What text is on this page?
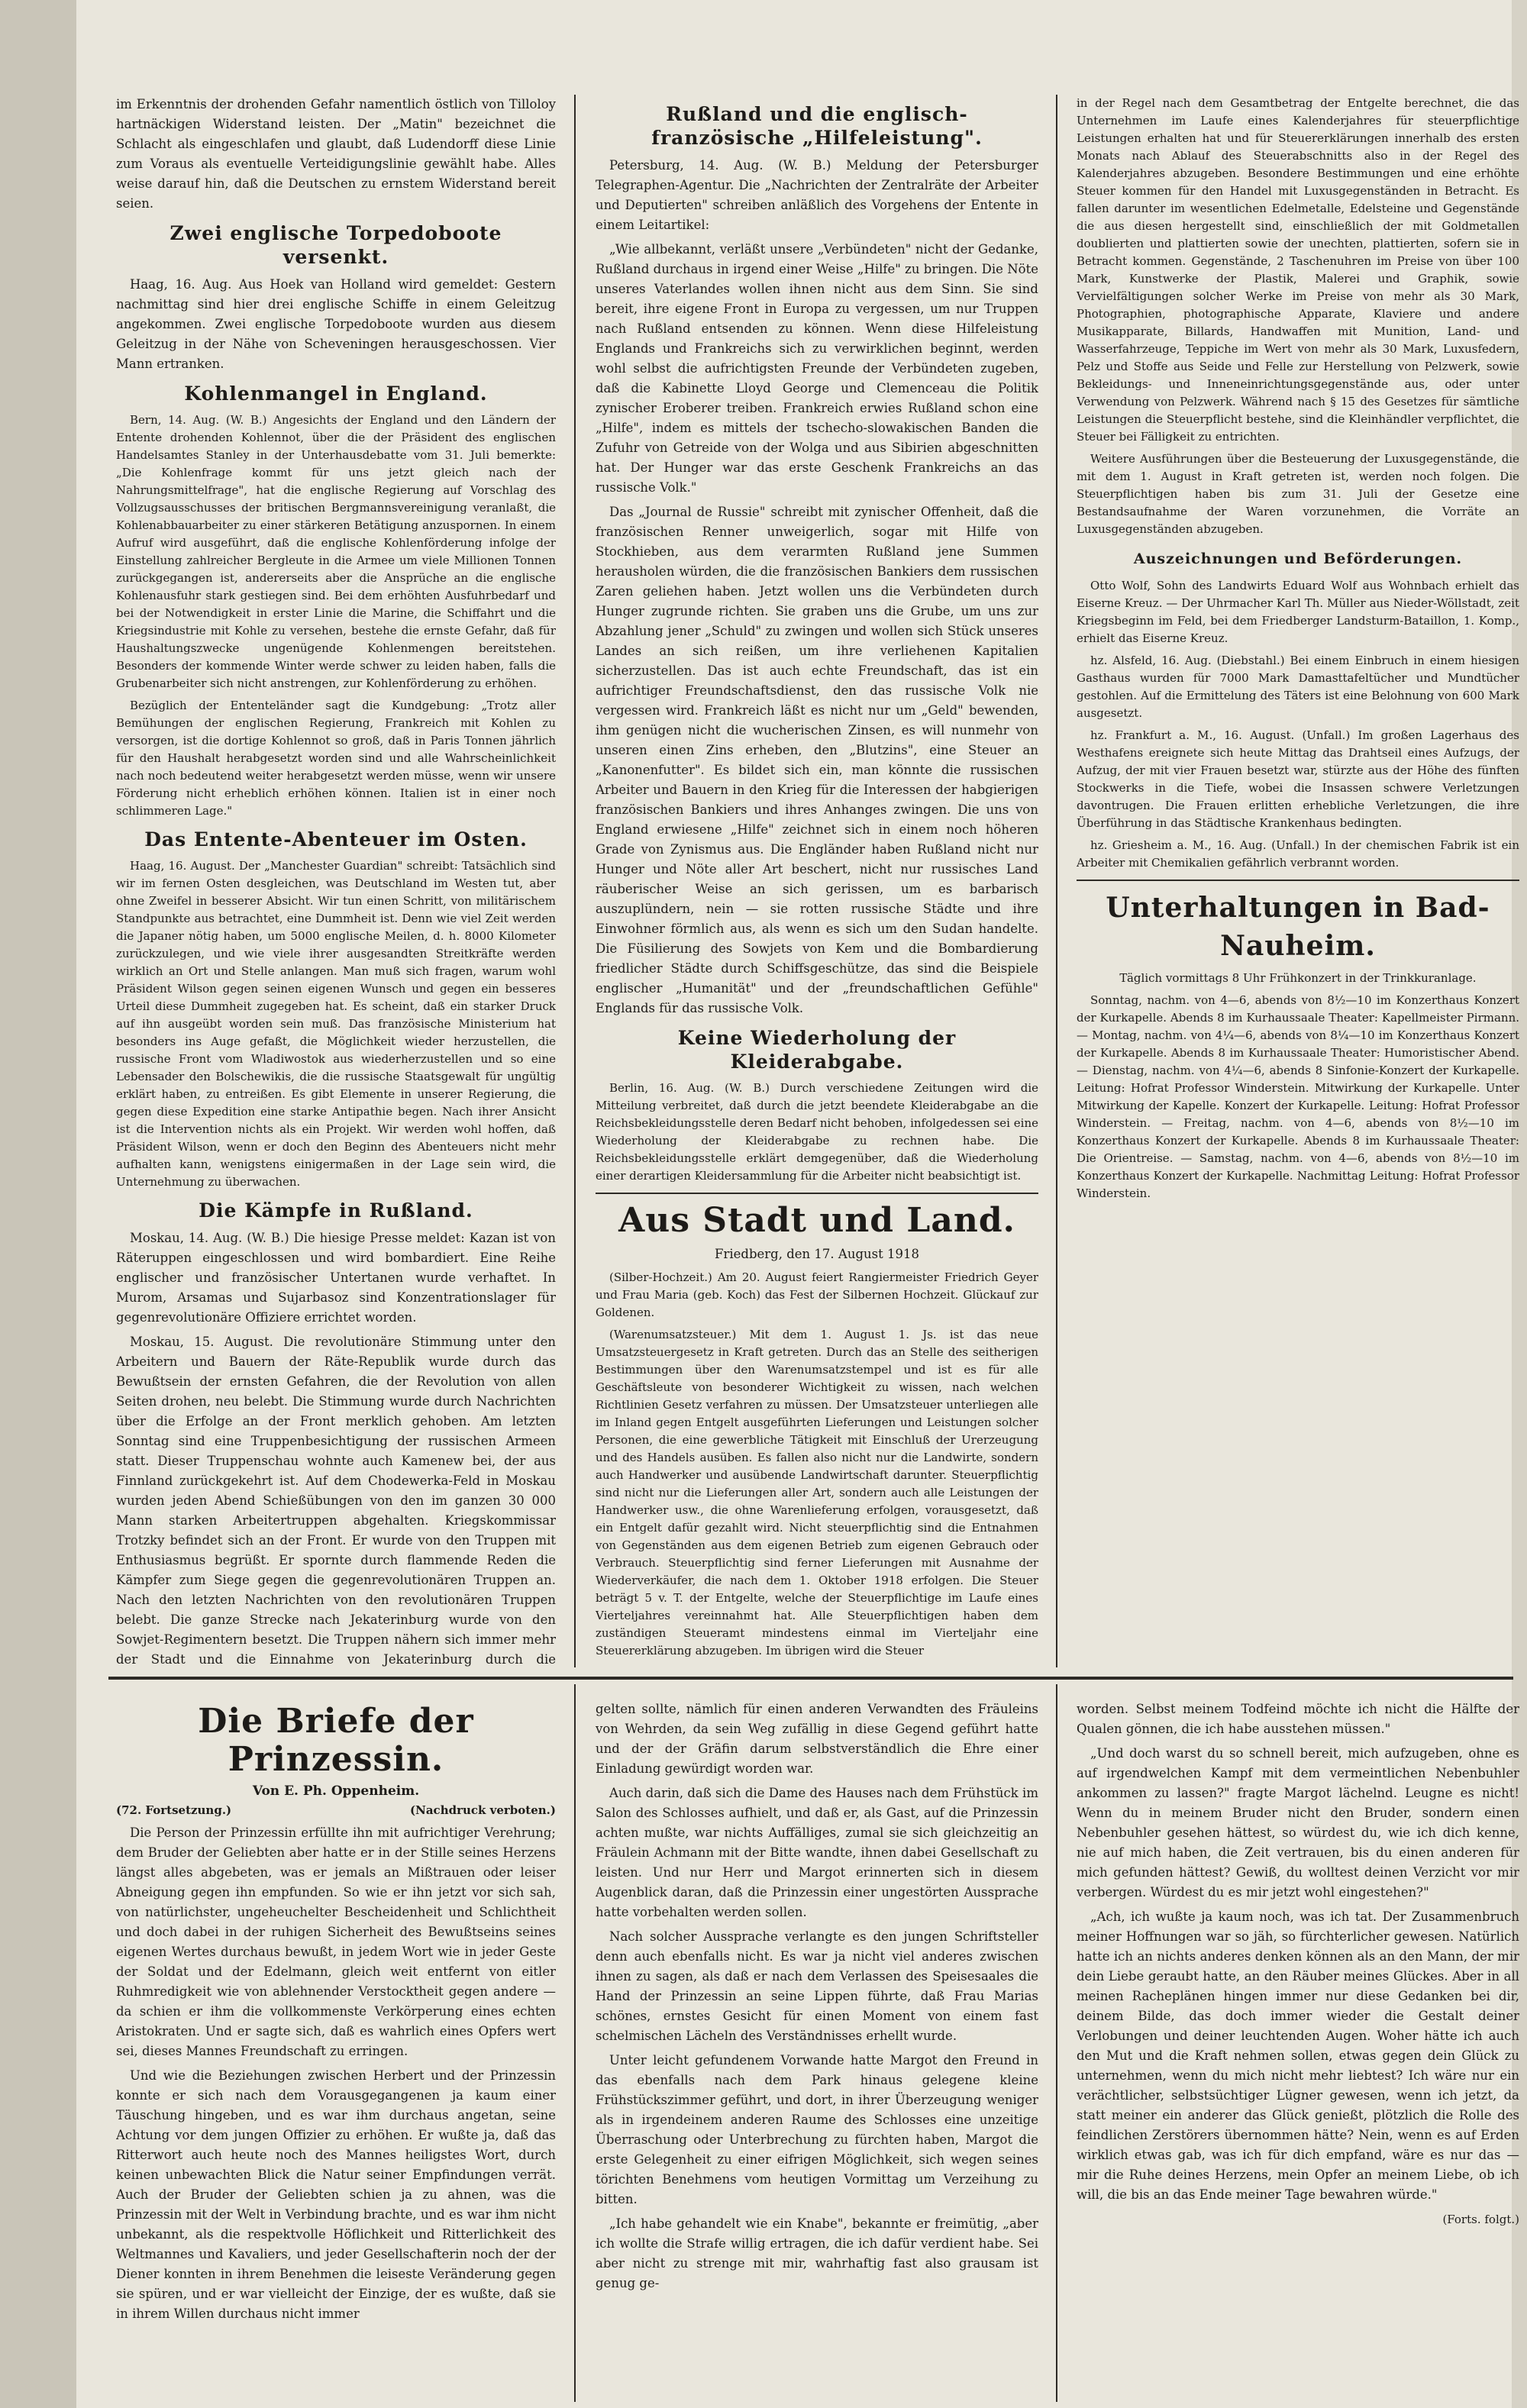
im Erkenntnis der drohenden Gefahr namentlich östlich von Tilloloy hartnäckigen Widerstand leisten. Der „Matin" bezeichnet die Schlacht als eingeschlafen und glaubt, daß Ludendorff diese Linie zum Voraus als eventuelle Verteidigungslinie gewählt habe. Alles weise darauf hin, daß die Deutschen zu ernstem Widerstand bereit seien.

Zwei englische Torpedoboote versenkt.

Haag, 16. Aug. Aus Hoek van Holland wird gemeldet: Gestern nachmittag sind hier drei englische Schiffe in einem Geleitzug angekommen. Zwei englische Torpedoboote wurden aus diesem Geleitzug in der Nähe von Scheveningen herausgeschossen. Vier Mann ertranken.

Kohlenmangel in England.

Bern, 14. Aug. (W. B.) Angesichts der England und den Ländern der Entente drohenden Kohlennot, über die der Präsident des englischen Handelsamtes Stanley in der Unterhausdebatte vom 31. Juli bemerkte: „Die Kohlenfrage kommt für uns jetzt gleich nach der Nahrungsmittelfrage", hat die englische Regierung auf Vorschlag des Vollzugsausschusses der britischen Bergmannsvereinigung veranlaßt, die Kohlenabbauarbeiter zu einer stärkeren Betätigung anzuspornen. In einem Aufruf wird ausgeführt, daß die englische Kohlenförderung infolge der Einstellung zahlreicher Bergleute in die Armee um viele Millionen Tonnen zurückgegangen ist, andererseits aber die Ansprüche an die englische Kohlenausfuhr stark gestiegen sind. Bei dem erhöhten Ausfuhrbedarf und bei der Notwendigkeit in erster Linie die Marine, die Schiffahrt und die Kriegsindustrie mit Kohle zu versehen, bestehe die ernste Gefahr, daß für Haushaltungszwecke ungenügende Kohlenmengen bereitstehen. Besonders der kommende Winter werde schwer zu leiden haben, falls die Grubenarbeiter sich nicht anstrengen, zur Kohlenförderung zu erhöhen.

Bezüglich der Ententeländer sagt die Kundgebung: „Trotz aller Bemühungen der englischen Regierung, Frankreich mit Kohlen zu versorgen, ist die dortige Kohlennot so groß, daß in Paris Tonnen jährlich für den Haushalt herabgesetzt worden sind und alle Wahrscheinlichkeit nach noch bedeutend weiter herabgesetzt werden müsse, wenn wir unsere Förderung nicht erheblich erhöhen können. Italien ist in einer noch schlimmeren Lage."

Das Entente-Abenteuer im Osten.

Haag, 16. August. Der „Manchester Guardian" schreibt: Tatsächlich sind wir im fernen Osten desgleichen, was Deutschland im Westen tut, aber ohne Zweifel in besserer Absicht. Wir tun einen Schritt, von militärischem Standpunkte aus betrachtet, eine Dummheit ist. Denn wie viel Zeit werden die Japaner nötig haben, um 5000 englische Meilen, d. h. 8000 Kilometer zurückzulegen, und wie viele ihrer ausgesandten Streitkräfte werden wirklich an Ort und Stelle anlangen. Man muß sich fragen, warum wohl Präsident Wilson gegen seinen eigenen Wunsch und gegen ein besseres Urteil diese Dummheit zugegeben hat. Es scheint, daß ein starker Druck auf ihn ausgeübt worden sein muß. Das französische Ministerium hat besonders ins Auge gefaßt, die Möglichkeit wieder herzustellen, die russische Front vom Wladiwostok aus wiederherzustellen und so eine Lebensader den Bolschewikis, die die russische Staatsgewalt für ungültig erklärt haben, zu entreißen. Es gibt Elemente in unserer Regierung, die gegen diese Expedition eine starke Antipathie begen. Nach ihrer Ansicht ist die Intervention nichts als ein Projekt. Wir werden wohl hoffen, daß Präsident Wilson, wenn er doch den Beginn des Abenteuers nicht mehr aufhalten kann, wenigstens einigermaßen in der Lage sein wird, die Unternehmung zu überwachen.

Die Kämpfe in Rußland.

Moskau, 14. Aug. (W. B.) Die hiesige Presse meldet: Kazan ist von Räteruppen eingeschlossen und wird bombardiert. Eine Reihe englischer und französischer Untertanen wurde verhaftet. In Murom, Arsamas und Sujarbasoz sind Konzentrationslager für gegenrevolutionäre Offiziere errichtet worden.

Moskau, 15. August. Die revolutionäre Stimmung unter den Arbeitern und Bauern der Räte-Republik wurde durch das Bewußtsein der ernsten Gefahren, die der Revolution von allen Seiten drohen, neu belebt. Die Stimmung wurde durch Nachrichten über die Erfolge an der Front merklich gehoben. Am letzten Sonntag sind eine Truppenbesichtigung der russischen Armeen statt. Dieser Truppenschau wohnte auch Kamenew bei, der aus Finnland zurückgekehrt ist. Auf dem Chodewerka-Feld in Moskau wurden jeden Abend Schießübungen von den im ganzen 30 000 Mann starken Arbeitertruppen abgehalten. Kriegskommissar Trotzky befindet sich an der Front. Er wurde von den Truppen mit Enthusiasmus begrüßt. Er spornte durch flammende Reden die Kämpfer zum Siege gegen die gegenrevolutionären Truppen an. Nach den letzten Nachrichten von den revolutionären Truppen belebt. Die ganze Strecke nach Jekaterinburg wurde von den Sowjet-Regimentern besetzt. Die Truppen nähern sich immer mehr der Stadt und die Einnahme von Jekaterinburg durch die

Rußland und die englisch-französische „Hilfeleistung".

Petersburg, 14. Aug. (W. B.) Meldung der Petersburger Telegraphen-Agentur. Die „Nachrichten der Zentralräte der Arbeiter und Deputierten" schreiben anläßlich des Vorgehens der Entente in einem Leitartikel:

„Wie allbekannt, verläßt unsere „Verbündeten" nicht der Gedanke, Rußland durchaus in irgend einer Weise „Hilfe" zu bringen. Die Nöte unseres Vaterlandes wollen ihnen nicht aus dem Sinn. Sie sind bereit, ihre eigene Front in Europa zu vergessen, um nur Truppen nach Rußland entsenden zu können. Wenn diese Hilfeleistung Englands und Frankreichs sich zu verwirklichen beginnt, werden wohl selbst die aufrichtigsten Freunde der Verbündeten zugeben, daß die Kabinette Lloyd George und Clemenceau die Politik zynischer Eroberer treiben. Frankreich erwies Rußland schon eine „Hilfe", indem es mittels der tschecho-slowakischen Banden die Zufuhr von Getreide von der Wolga und aus Sibirien abgeschnitten hat. Der Hunger war das erste Geschenk Frankreichs an das russische Volk."

Das „Journal de Russie" schreibt mit zynischer Offenheit, daß die französischen Renner unweigerlich, sogar mit Hilfe von Stockhieben, aus dem verarmten Rußland jene Summen herausholen würden, die die französischen Bankiers dem russischen Zaren geliehen haben. Jetzt wollen uns die Verbündeten durch Hunger zugrunde richten. Sie graben uns die Grube, um uns zur Abzahlung jener „Schuld" zu zwingen und wollen sich Stück unseres Landes an sich reißen, um ihre verliehenen Kapitalien sicherzustellen. Das ist auch echte Freundschaft, das ist ein aufrichtiger Freundschaftsdienst, den das russische Volk nie vergessen wird. Frankreich läßt es nicht nur um „Geld" bewenden, ihm genügen nicht die wucherischen Zinsen, es will nunmehr von unseren einen Zins erheben, den „Blutzins", eine Steuer an „Kanonenfutter". Es bildet sich ein, man könnte die russischen Arbeiter und Bauern in den Krieg für die Interessen der habgierigen französischen Bankiers und ihres Anhanges zwingen. Die uns von England erwiesene „Hilfe" zeichnet sich in einem noch höheren Grade von Zynismus aus. Die Engländer haben Rußland nicht nur Hunger und Nöte aller Art beschert, nicht nur russisches Land räuberischer Weise an sich gerissen, um es barbarisch auszuplündern, nein — sie rotten russische Städte und ihre Einwohner förmlich aus, als wenn es sich um den Sudan handelte. Die Füsilierung des Sowjets von Kem und die Bombardierung friedlicher Städte durch Schiffsgeschütze, das sind die Beispiele englischer „Humanität" und der „freundschaftlichen Gefühle" Englands für das russische Volk.

Keine Wiederholung der Kleiderabgabe.

Berlin, 16. Aug. (W. B.) Durch verschiedene Zeitungen wird die Mitteilung verbreitet, daß durch die jetzt beendete Kleiderabgabe an die Reichsbekleidungsstelle deren Bedarf nicht behoben, infolgedessen sei eine Wiederholung der Kleiderabgabe zu rechnen habe. Die Reichsbekleidungsstelle erklärt demgegenüber, daß die Wiederholung einer derartigen Kleidersammlung für die Arbeiter nicht beabsichtigt ist.

Aus Stadt und Land.

Friedberg, den 17. August 1918

(Silber-Hochzeit.) Am 20. August feiert Rangiermeister Friedrich Geyer und Frau Maria (geb. Koch) das Fest der Silbernen Hochzeit. Glückauf zur Goldenen.

(Warenumsatzsteuer.) Mit dem 1. August 1. Js. ist das neue Umsatzsteuergesetz in Kraft getreten. Durch das an Stelle des seitherigen Bestimmungen über den Warenumsatzstempel und ist es für alle Geschäftsleute von besonderer Wichtigkeit zu wissen, nach welchen Richtlinien Gesetz verfahren zu müssen. Der Umsatzsteuer unterliegen alle im Inland gegen Entgelt ausgeführten Lieferungen und Leistungen solcher Personen, die eine gewerbliche Tätigkeit mit Einschluß der Urerzeugung und des Handels ausüben. Es fallen also nicht nur die Landwirte, sondern auch Handwerker und ausübende Landwirtschaft darunter. Steuerpflichtig sind nicht nur die Lieferungen aller Art, sondern auch alle Leistungen der Handwerker usw., die ohne Warenlieferung erfolgen, vorausgesetzt, daß ein Entgelt dafür gezahlt wird. Nicht steuerpflichtig sind die Entnahmen von Gegenständen aus dem eigenen Betrieb zum eigenen Gebrauch oder Verbrauch. Steuerpflichtig sind ferner Lieferungen mit Ausnahme der Wiederverkäufer, die nach dem 1. Oktober 1918 erfolgen. Die Steuer beträgt 5 v. T. der Entgelte, welche der Steuerpflichtige im Laufe eines Vierteljahres vereinnahmt hat. Alle Steuerpflichtigen haben dem zuständigen Steueramt mindestens einmal im Vierteljahr eine Steuererklärung abzugeben. Im übrigen wird die Steuer

in der Regel nach dem Gesamtbetrag der Entgelte berechnet, die das Unternehmen im Laufe eines Kalenderjahres für steuerpflichtige Leistungen erhalten hat und für Steuererklärungen innerhalb des ersten Monats nach Ablauf des Steuerabschnitts also in der Regel des Kalenderjahres abzugeben. Besondere Bestimmungen und eine erhöhte Steuer kommen für den Handel mit Luxusgegenständen in Betracht. Es fallen darunter im wesentlichen Edelmetalle, Edelsteine und Gegenstände die aus diesen hergestellt sind, einschließlich der mit Goldmetallen doublierten und plattierten sowie der unechten, plattierten, sofern sie in Betracht kommen. Gegenstände, 2 Taschenuhren im Preise von über 100 Mark, Kunstwerke der Plastik, Malerei und Graphik, sowie Vervielfältigungen solcher Werke im Preise von mehr als 30 Mark, Photographien, photographische Apparate, Klaviere und andere Musikapparate, Billards, Handwaffen mit Munition, Land- und Wasserfahrzeuge, Teppiche im Wert von mehr als 30 Mark, Luxusfedern, Pelz und Stoffe aus Seide und Felle zur Herstellung von Pelzwerk, sowie Bekleidungs- und Inneneinrichtungsgegenstände aus, oder unter Verwendung von Pelzwerk. Während nach § 15 des Gesetzes für sämtliche Leistungen die Steuerpflicht bestehe, sind die Kleinhändler verpflichtet, die Steuer bei Fälligkeit zu entrichten.

Weitere Ausführungen über die Besteuerung der Luxusgegenstände, die mit dem 1. August in Kraft getreten ist, werden noch folgen. Die Steuerpflichtigen haben bis zum 31. Juli der Gesetze eine Bestandsaufnahme der Waren vorzunehmen, die Vorräte an Luxusgegenständen abzugeben.

Auszeichnungen und Beförderungen.

Otto Wolf, Sohn des Landwirts Eduard Wolf aus Wohnbach erhielt das Eiserne Kreuz. — Der Uhrmacher Karl Th. Müller aus Nieder-Wöllstadt, zeit Kriegsbeginn im Feld, bei dem Friedberger Landsturm-Bataillon, 1. Komp., erhielt das Eiserne Kreuz.

hz. Alsfeld, 16. Aug. (Diebstahl.) Bei einem Einbruch in einem hiesigen Gasthaus wurden für 7000 Mark Damasttafeltücher und Mundtücher gestohlen. Auf die Ermittelung des Täters ist eine Belohnung von 600 Mark ausgesetzt.

hz. Frankfurt a. M., 16. August. (Unfall.) Im großen Lagerhaus des Westhafens ereignete sich heute Mittag das Drahtseil eines Aufzugs, der Aufzug, der mit vier Frauen besetzt war, stürzte aus der Höhe des fünften Stockwerks in die Tiefe, wobei die Insassen schwere Verletzungen davontrugen. Die Frauen erlitten erhebliche Verletzungen, die ihre Überführung in das Städtische Krankenhaus bedingten.

hz. Griesheim a. M., 16. Aug. (Unfall.) In der chemischen Fabrik ist ein Arbeiter mit Chemikalien gefährlich verbrannt worden.

Unterhaltungen in Bad-Nauheim.

Täglich vormittags 8 Uhr Frühkonzert in der Trinkkuranlage.

Sonntag, nachm. von 4—6, abends von 8½—10 im Konzerthaus Konzert der Kurkapelle. Abends 8 im Kurhaussaale Theater: Kapellmeister Pirmann. — Montag, nachm. von 4¼—6, abends von 8¼—10 im Konzerthaus Konzert der Kurkapelle. Abends 8 im Kurhaussaale Theater: Humoristischer Abend. — Dienstag, nachm. von 4¼—6, abends 8 Sinfonie-Konzert der Kurkapelle. Leitung: Hofrat Professor Winderstein. Mitwirkung der Kurkapelle. Unter Mitwirkung der Kapelle. Konzert der Kurkapelle. Leitung: Hofrat Professor Winderstein. — Freitag, nachm. von 4—6, abends von 8½—10 im Konzerthaus Konzert der Kurkapelle. Abends 8 im Kurhaussaale Theater: Die Orientreise. — Samstag, nachm. von 4—6, abends von 8½—10 im Konzerthaus Konzert der Kurkapelle. Nachmittag Leitung: Hofrat Professor Winderstein.

Die Briefe der Prinzessin.
Von E. Ph. Oppenheim.
(72. Fortsetzung.)	(Nachdruck verboten.)

Die Person der Prinzessin erfüllte ihn mit aufrichtiger Verehrung; dem Bruder der Geliebten aber hatte er in der Stille seines Herzens längst alles abgebeten, was er jemals an Mißtrauen oder leiser Abneigung gegen ihn empfunden. So wie er ihn jetzt vor sich sah, von natürlichster, ungeheuchelter Bescheidenheit und Schlichtheit und doch dabei in der ruhigen Sicherheit des Bewußtseins seines eigenen Wertes durchaus bewußt, in jedem Wort wie in jeder Geste der Soldat und der Edelmann, gleich weit entfernt von eitler Ruhmredigkeit wie von ablehnender Verstocktheit gegen andere — da schien er ihm die vollkommenste Verkörperung eines echten Aristokraten. Und er sagte sich, daß es wahrlich eines Opfers wert sei, dieses Mannes Freundschaft zu erringen.

Und wie die Beziehungen zwischen Herbert und der Prinzessin konnte er sich nach dem Vorausgegangenen ja kaum einer Täuschung hingeben, und es war ihm durchaus angetan, seine Achtung vor dem jungen Offizier zu erhöhen. Er wußte ja, daß das Ritterwort auch heute noch des Mannes heiligstes Wort, durch keinen unbewachten Blick die Natur seiner Empfindungen verrät. Auch der Bruder der Geliebten schien ja zu ahnen, was die Prinzessin mit der Welt in Verbindung brachte, und es war ihm nicht unbekannt, als die respektvolle Höflichkeit und Ritterlichkeit des Weltmannes und Kavaliers, und jeder Gesellschafterin noch der der Diener konnten in ihrem Benehmen die leiseste Veränderung gegen sie spüren, und er war vielleicht der Einzige, der es wußte, daß sie in ihrem Willen durchaus nicht immer

gelten sollte, nämlich für einen anderen Verwandten des Fräuleins von Wehrden, da sein Weg zufällig in diese Gegend geführt hatte und der der Gräfin darum selbstverständlich die Ehre einer Einladung gewürdigt worden war.

Auch darin, daß sich die Dame des Hauses nach dem Frühstück im Salon des Schlosses aufhielt, und daß er, als Gast, auf die Prinzessin achten mußte, war nichts Auffälliges, zumal sie sich gleichzeitig an Fräulein Achmann mit der Bitte wandte, ihnen dabei Gesellschaft zu leisten. Und nur Herr und Margot erinnerten sich in diesem Augenblick daran, daß die Prinzessin einer ungestörten Aussprache hatte vorbehalten werden sollen.

Nach solcher Aussprache verlangte es den jungen Schriftsteller denn auch ebenfalls nicht. Es war ja nicht viel anderes zwischen ihnen zu sagen, als daß er nach dem Verlassen des Speisesaales die Hand der Prinzessin an seine Lippen führte, daß Frau Marias schönes, ernstes Gesicht für einen Moment von einem fast schelmischen Lächeln des Verständnisses erhellt wurde.

Unter leicht gefundenem Vorwande hatte Margot den Freund in das ebenfalls nach dem Park hinaus gelegene kleine Frühstückszimmer geführt, und dort, in ihrer Überzeugung weniger als in irgendeinem anderen Raume des Schlosses eine unzeitige Überraschung oder Unterbrechung zu fürchten haben, Margot die erste Gelegenheit zu einer eifrigen Möglichkeit, sich wegen seines törichten Benehmens vom heutigen Vormittag um Verzeihung zu bitten.

„Ich habe gehandelt wie ein Knabe", bekannte er freimütig, „aber ich wollte die Strafe willig ertragen, die ich dafür verdient habe. Sei aber nicht zu strenge mit mir, wahrhaftig fast also grausam ist genug ge-

worden. Selbst meinem Todfeind möchte ich nicht die Hälfte der Qualen gönnen, die ich habe ausstehen müssen."

„Und doch warst du so schnell bereit, mich aufzugeben, ohne es auf irgendwelchen Kampf mit dem vermeintlichen Nebenbuhler ankommen zu lassen?" fragte Margot lächelnd. Leugne es nicht! Wenn du in meinem Bruder nicht den Bruder, sondern einen Nebenbuhler gesehen hättest, so würdest du, wie ich dich kenne, nie auf mich haben, die Zeit vertrauen, bis du einen anderen für mich gefunden hättest? Gewiß, du wolltest deinen Verzicht vor mir verbergen. Würdest du es mir jetzt wohl eingestehen?"

„Ach, ich wußte ja kaum noch, was ich tat. Der Zusammenbruch meiner Hoffnungen war so jäh, so fürchterlicher gewesen. Natürlich hatte ich an nichts anderes denken können als an den Mann, der mir dein Liebe geraubt hatte, an den Räuber meines Glückes. Aber in all meinen Racheplänen hingen immer nur diese Gedanken bei dir, deinem Bilde, das doch immer wieder die Gestalt deiner Verlobungen und deiner leuchtenden Augen. Woher hätte ich auch den Mut und die Kraft nehmen sollen, etwas gegen dein Glück zu unternehmen, wenn du mich nicht mehr liebtest? Ich wäre nur ein verächtlicher, selbstsüchtiger Lügner gewesen, wenn ich jetzt, da statt meiner ein anderer das Glück genießt, plötzlich die Rolle des feindlichen Zerstörers übernommen hätte? Nein, wenn es auf Erden wirklich etwas gab, was ich für dich empfand, wäre es nur das — mir die Ruhe deines Herzens, mein Opfer an meinem Liebe, ob ich will, die bis an das Ende meiner Tage bewahren würde."

(Forts. folgt.)
